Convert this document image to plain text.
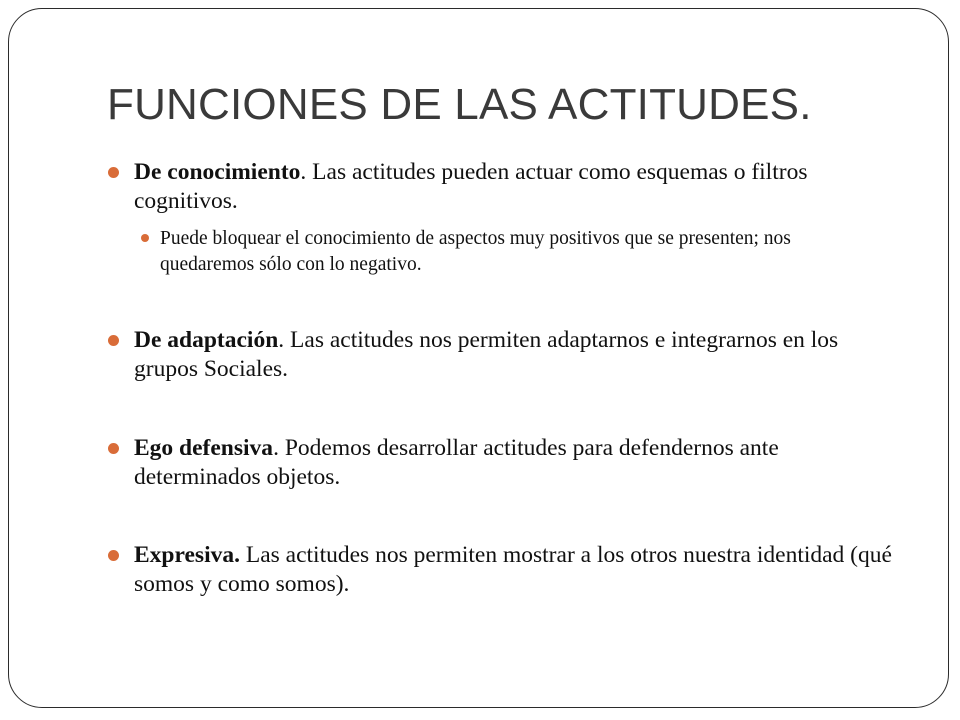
FUNCIONES DE LAS ACTITUDES.
De conocimiento. Las actitudes pueden actuar como esquemas o filtros cognitivos.
Puede bloquear el conocimiento de aspectos muy positivos que se presenten; nos quedaremos sólo con lo negativo.
De adaptación. Las actitudes nos permiten adaptarnos e integrarnos en los grupos Sociales.
Ego defensiva. Podemos desarrollar actitudes para defendernos ante determinados objetos.
Expresiva. Las actitudes nos permiten mostrar a los otros nuestra identidad (qué somos y como somos).
